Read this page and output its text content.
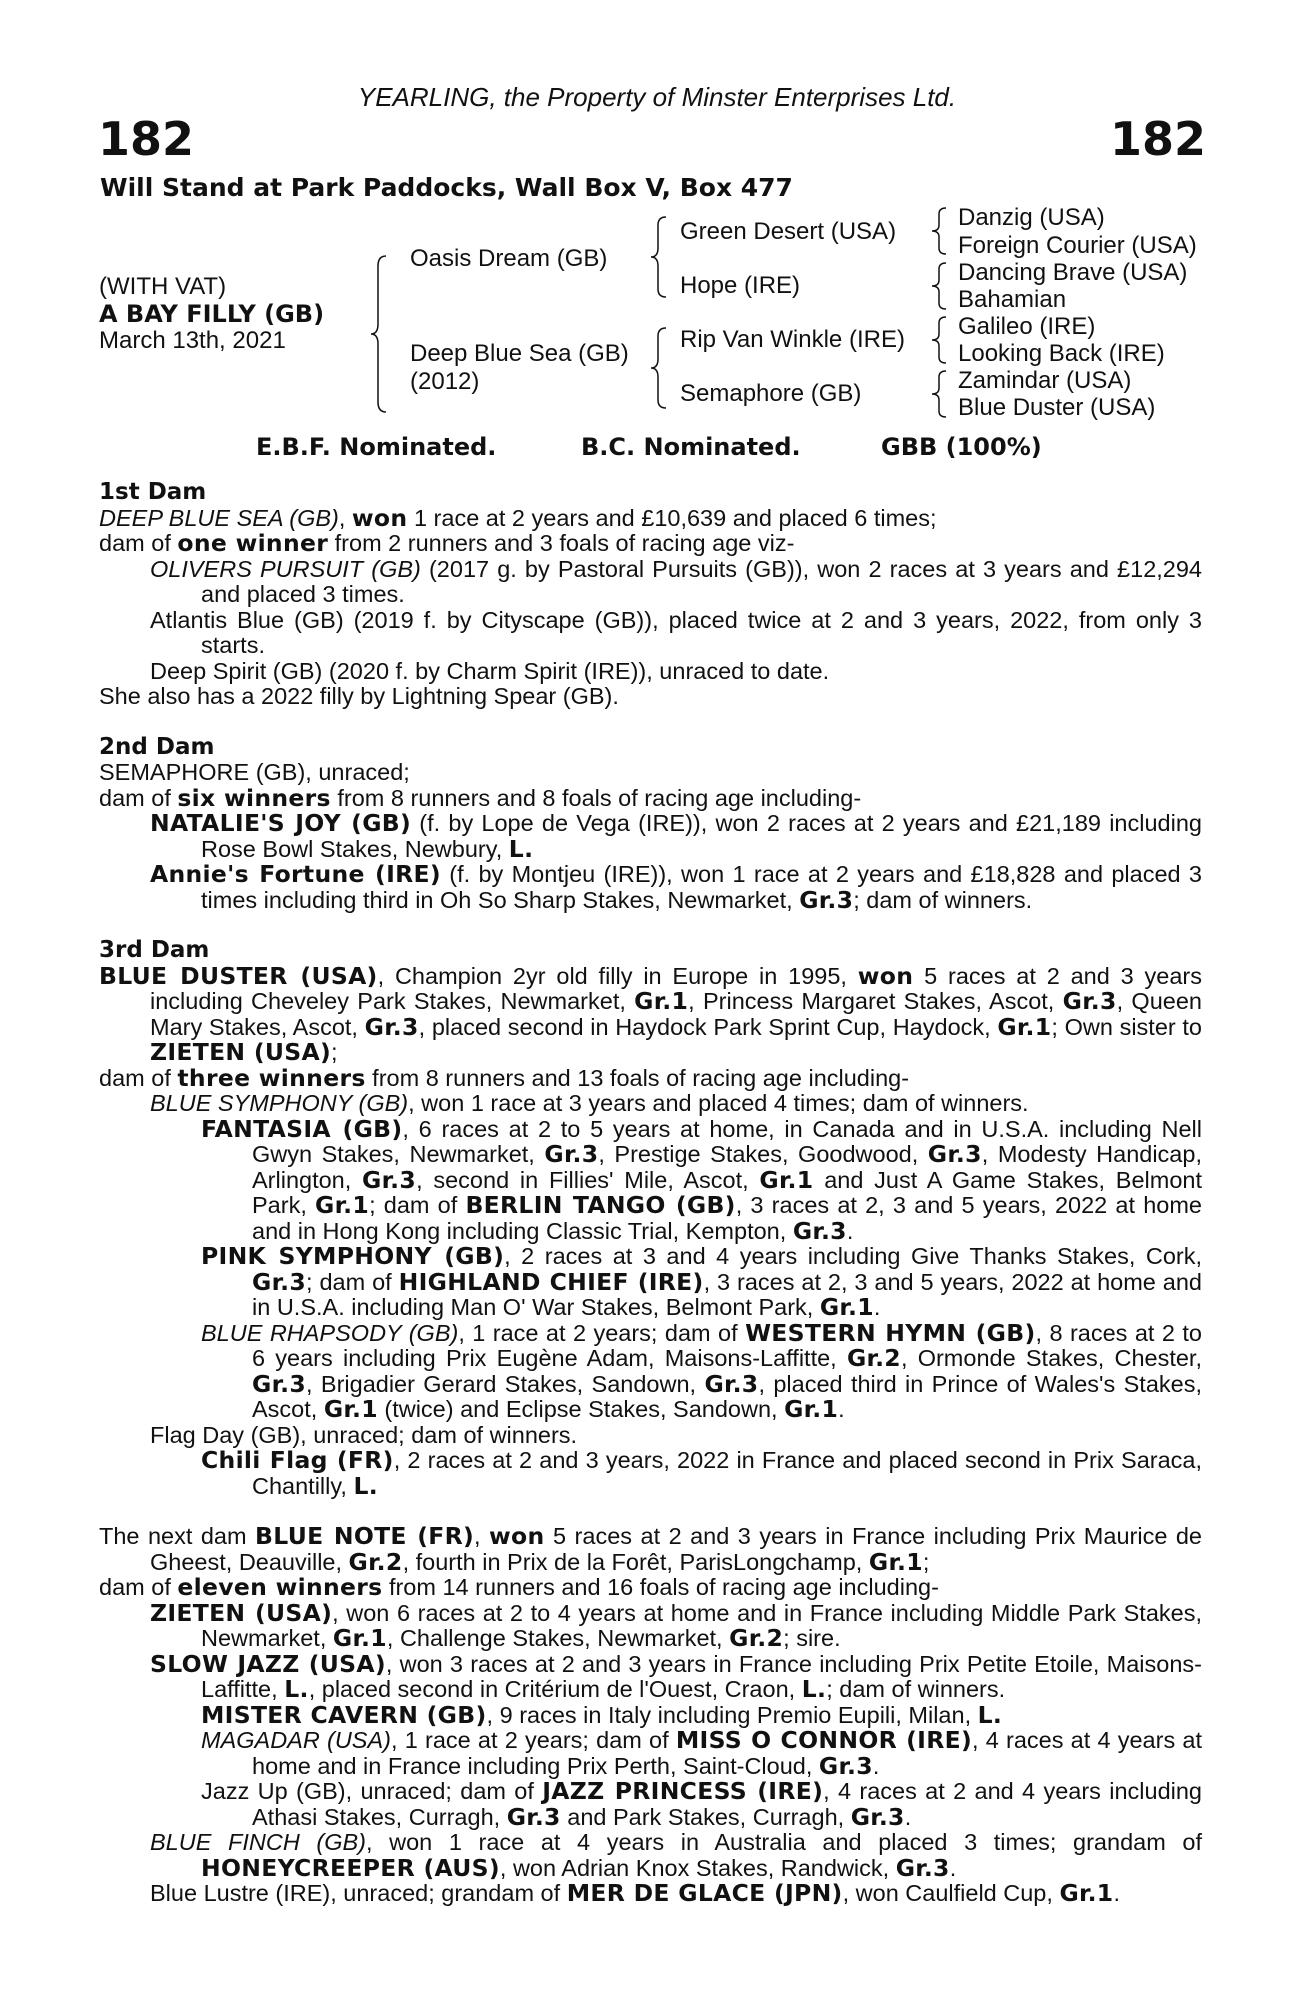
YEARLING, the Property of Minster Enterprises Ltd.
182	182
Will Stand at Park Paddocks, Wall Box V, Box 477
(WITH VAT)
A BAY FILLY (GB)
March 13th, 2021
Oasis Dream (GB)
Deep Blue Sea (GB)
(2012)
Green Desert (USA)
Hope (IRE)
Rip Van Winkle (IRE)
Semaphore (GB)
Danzig (USA)
Foreign Courier (USA)
Dancing Brave (USA)
Bahamian
Galileo (IRE)
Looking Back (IRE)
Zamindar (USA)
Blue Duster (USA)
E.B.F. Nominated.	B.C. Nominated.	GBB (100%)

1st Dam

DEEP BLUE SEA (GB), won 1 race at 2 years and £10,639 and placed 6 times;

dam of one winner from 2 runners and 3 foals of racing age viz-

OLIVERS PURSUIT (GB) (2017 g. by Pastoral Pursuits (GB)), won 2 races at 3 years and £12,294 and placed 3 times.

Atlantis Blue (GB) (2019 f. by Cityscape (GB)), placed twice at 2 and 3 years, 2022, from only 3 starts.

Deep Spirit (GB) (2020 f. by Charm Spirit (IRE)), unraced to date.

She also has a 2022 filly by Lightning Spear (GB).

2nd Dam

SEMAPHORE (GB), unraced;

dam of six winners from 8 runners and 8 foals of racing age including-

NATALIE'S JOY (GB) (f. by Lope de Vega (IRE)), won 2 races at 2 years and £21,189 including Rose Bowl Stakes, Newbury, L.

Annie's Fortune (IRE) (f. by Montjeu (IRE)), won 1 race at 2 years and £18,828 and placed 3 times including third in Oh So Sharp Stakes, Newmarket, Gr.3; dam of winners.

3rd Dam

BLUE DUSTER (USA), Champion 2yr old filly in Europe in 1995, won 5 races at 2 and 3 years including Cheveley Park Stakes, Newmarket, Gr.1, Princess Margaret Stakes, Ascot, Gr.3, Queen Mary Stakes, Ascot, Gr.3, placed second in Haydock Park Sprint Cup, Haydock, Gr.1; Own sister to ZIETEN (USA);

dam of three winners from 8 runners and 13 foals of racing age including-

BLUE SYMPHONY (GB), won 1 race at 3 years and placed 4 times; dam of winners.

FANTASIA (GB), 6 races at 2 to 5 years at home, in Canada and in U.S.A. including Nell Gwyn Stakes, Newmarket, Gr.3, Prestige Stakes, Goodwood, Gr.3, Modesty Handicap, Arlington, Gr.3, second in Fillies' Mile, Ascot, Gr.1 and Just A Game Stakes, Belmont Park, Gr.1; dam of BERLIN TANGO (GB), 3 races at 2, 3 and 5 years, 2022 at home and in Hong Kong including Classic Trial, Kempton, Gr.3.

PINK SYMPHONY (GB), 2 races at 3 and 4 years including Give Thanks Stakes, Cork, Gr.3; dam of HIGHLAND CHIEF (IRE), 3 races at 2, 3 and 5 years, 2022 at home and in U.S.A. including Man O' War Stakes, Belmont Park, Gr.1.

BLUE RHAPSODY (GB), 1 race at 2 years; dam of WESTERN HYMN (GB), 8 races at 2 to 6 years including Prix Eugène Adam, Maisons-Laffitte, Gr.2, Ormonde Stakes, Chester, Gr.3, Brigadier Gerard Stakes, Sandown, Gr.3, placed third in Prince of Wales's Stakes, Ascot, Gr.1 (twice) and Eclipse Stakes, Sandown, Gr.1.

Flag Day (GB), unraced; dam of winners.

Chili Flag (FR), 2 races at 2 and 3 years, 2022 in France and placed second in Prix Saraca, Chantilly, L.

The next dam BLUE NOTE (FR), won 5 races at 2 and 3 years in France including Prix Maurice de Gheest, Deauville, Gr.2, fourth in Prix de la Forêt, ParisLongchamp, Gr.1;

dam of eleven winners from 14 runners and 16 foals of racing age including-

ZIETEN (USA), won 6 races at 2 to 4 years at home and in France including Middle Park Stakes, Newmarket, Gr.1, Challenge Stakes, Newmarket, Gr.2; sire.

SLOW JAZZ (USA), won 3 races at 2 and 3 years in France including Prix Petite Etoile, Maisons-Laffitte, L., placed second in Critérium de l'Ouest, Craon, L.; dam of winners.

MISTER CAVERN (GB), 9 races in Italy including Premio Eupili, Milan, L.

MAGADAR (USA), 1 race at 2 years; dam of MISS O CONNOR (IRE), 4 races at 4 years at home and in France including Prix Perth, Saint-Cloud, Gr.3.

Jazz Up (GB), unraced; dam of JAZZ PRINCESS (IRE), 4 races at 2 and 4 years including Athasi Stakes, Curragh, Gr.3 and Park Stakes, Curragh, Gr.3.

BLUE FINCH (GB), won 1 race at 4 years in Australia and placed 3 times; grandam of HONEYCREEPER (AUS), won Adrian Knox Stakes, Randwick, Gr.3.

Blue Lustre (IRE), unraced; grandam of MER DE GLACE (JPN), won Caulfield Cup, Gr.1.
